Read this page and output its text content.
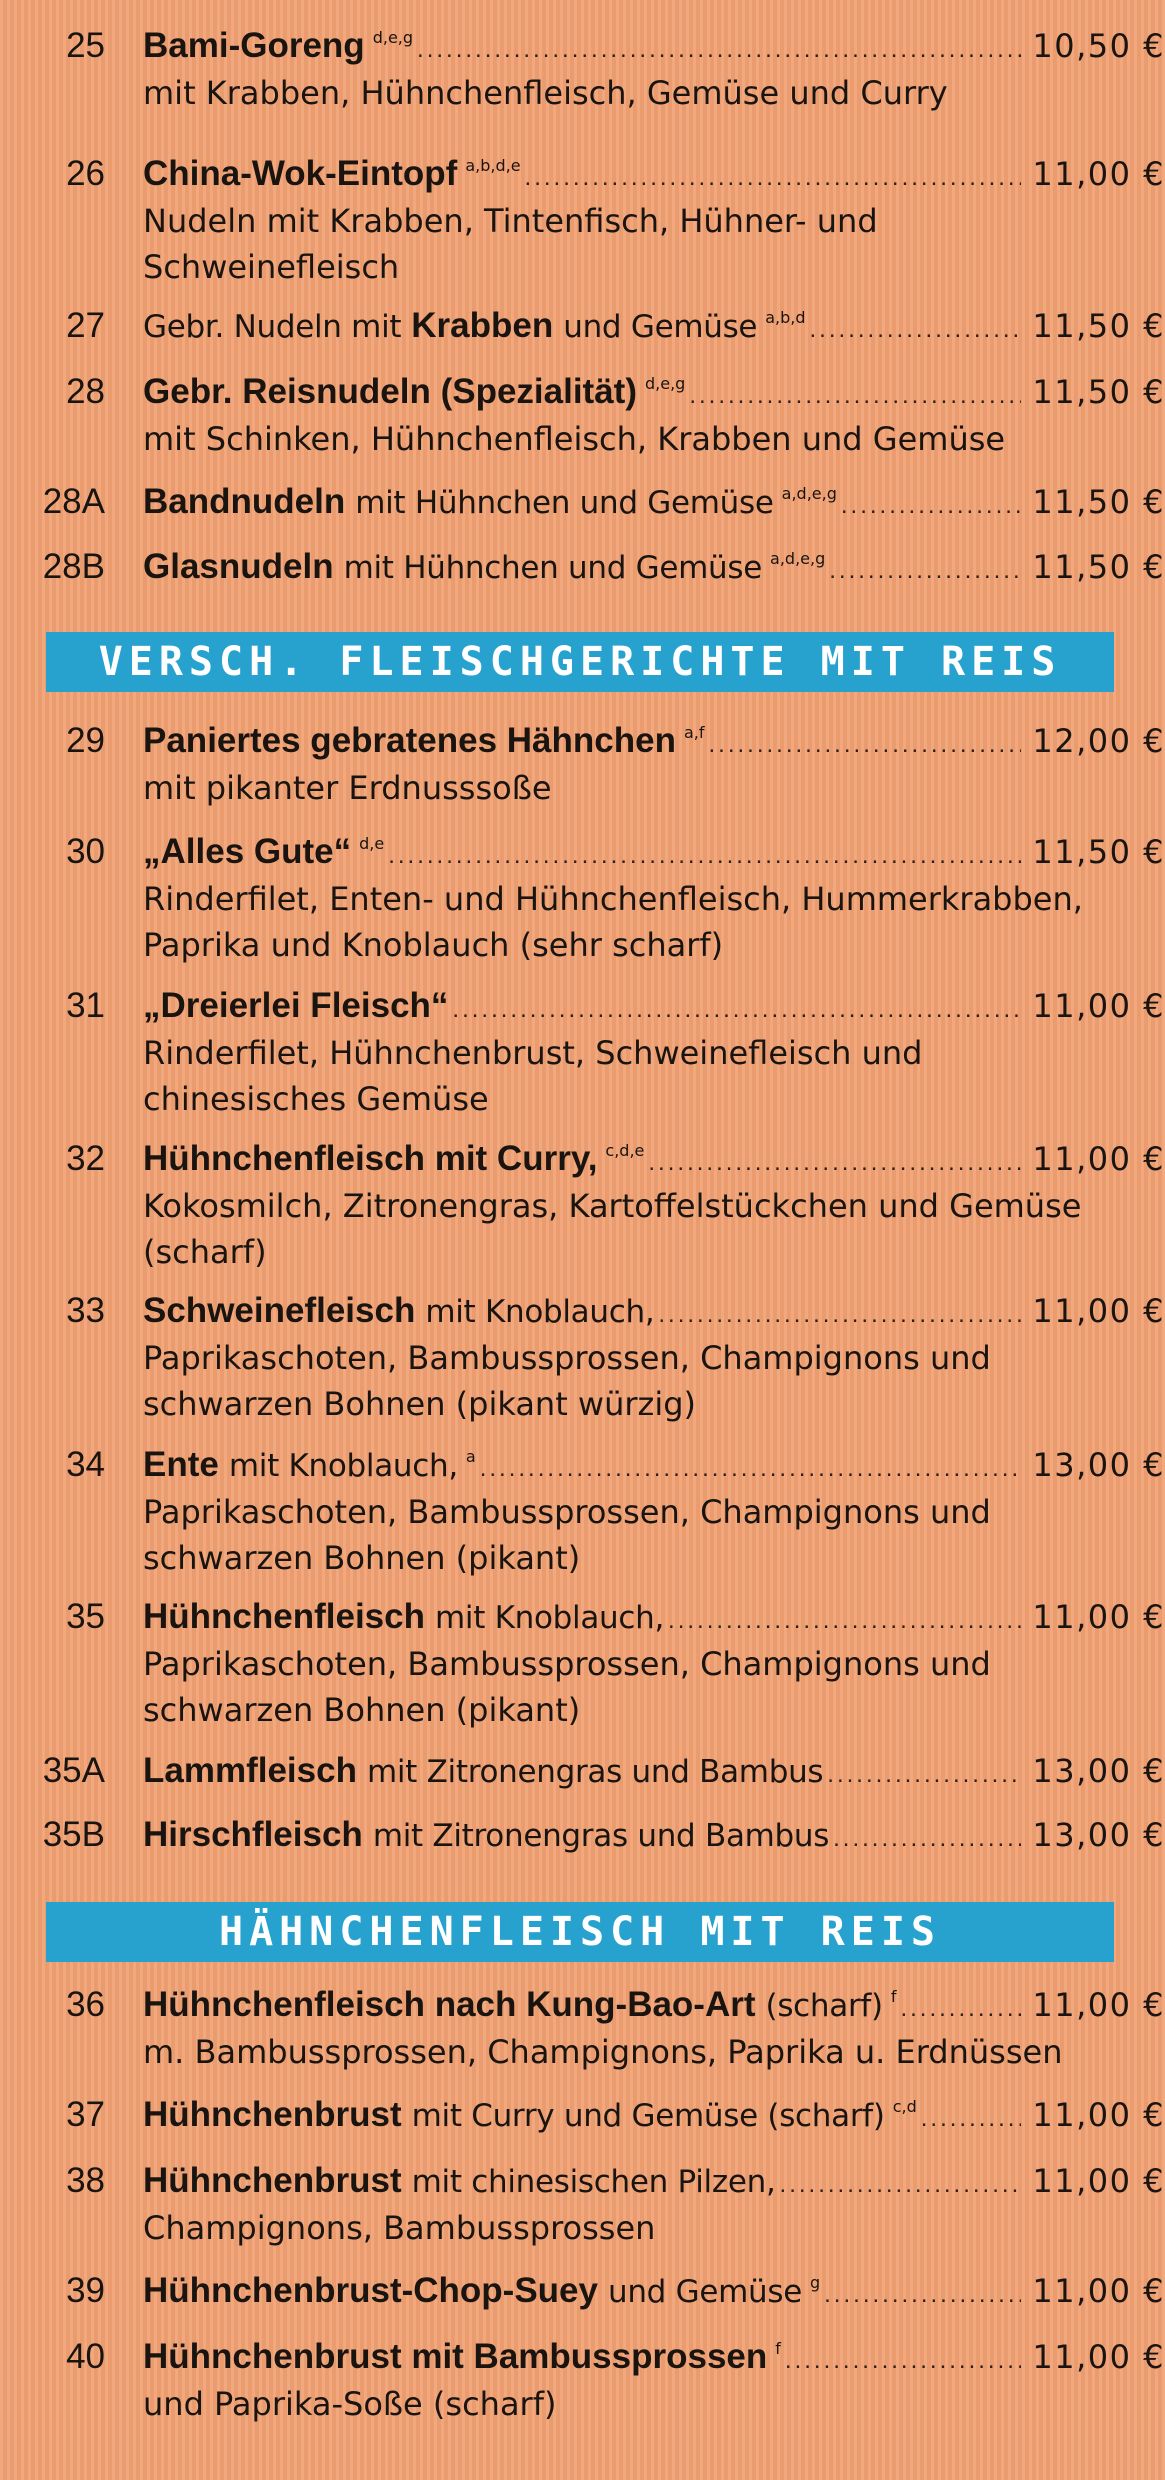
VERSCH. FLEISCHGERICHTE MIT REIS
HÄHNCHENFLEISCH MIT REIS
25	Bami-Goreng d,e,g .....	10,50 €
mit Krabben, Hühnchenfleisch, Gemüse und Curry
26	China-Wok-Eintopf a,b,d,e .....	11,00 €
Nudeln mit Krabben, Tintenfisch, Hühner- und Schweinefleisch
27	Gebr. Nudeln mit Krabben und Gemüse a,b,d .....	11,50 €
28	Gebr. Reisnudeln (Spezialität) d,e,g .....	11,50 €
mit Schinken, Hühnchenfleisch, Krabben und Gemüse
28A	Bandnudeln mit Hühnchen und Gemüse a,d,e,g .....	11,50 €
28B	Glasnudeln mit Hühnchen und Gemüse a,d,e,g .....	11,50 €
29	Paniertes gebratenes Hähnchen a,f .....	12,00 €
mit pikanter Erdnusssoße
30	„Alles Gute“ d,e .....	11,50 €
Rinderfilet, Enten- und Hühnchenfleisch, Hummerkrabben, Paprika und Knoblauch (sehr scharf)
31	„Dreierlei Fleisch“ .....	11,00 €
Rinderfilet, Hühnchenbrust, Schweinefleisch und chinesisches Gemüse
32	Hühnchenfleisch mit Curry, c,d,e .....	11,00 €
Kokosmilch, Zitronengras, Kartoffelstückchen und Gemüse (scharf)
33	Schweinefleisch mit Knoblauch, .....	11,00 €
Paprikaschoten, Bambussprossen, Champignons und schwarzen Bohnen (pikant würzig)
34	Ente mit Knoblauch, a .....	13,00 €
Paprikaschoten, Bambussprossen, Champignons und schwarzen Bohnen (pikant)
35	Hühnchenfleisch mit Knoblauch, .....	11,00 €
Paprikaschoten, Bambussprossen, Champignons und schwarzen Bohnen (pikant)
35A	Lammfleisch mit Zitronengras und Bambus .....	13,00 €
35B	Hirschfleisch mit Zitronengras und Bambus .....	13,00 €
36	Hühnchenfleisch nach Kung-Bao-Art (scharf) f .....	11,00 €
m. Bambussprossen, Champignons, Paprika u. Erdnüssen
37	Hühnchenbrust mit Curry und Gemüse (scharf) c,d .....	11,00 €
38	Hühnchenbrust mit chinesischen Pilzen, .....	11,00 €
Champignons, Bambussprossen
39	Hühnchenbrust-Chop-Suey und Gemüse g .....	11,00 €
40	Hühnchenbrust mit Bambussprossen f .....	11,00 €
und Paprika-Soße (scharf)
